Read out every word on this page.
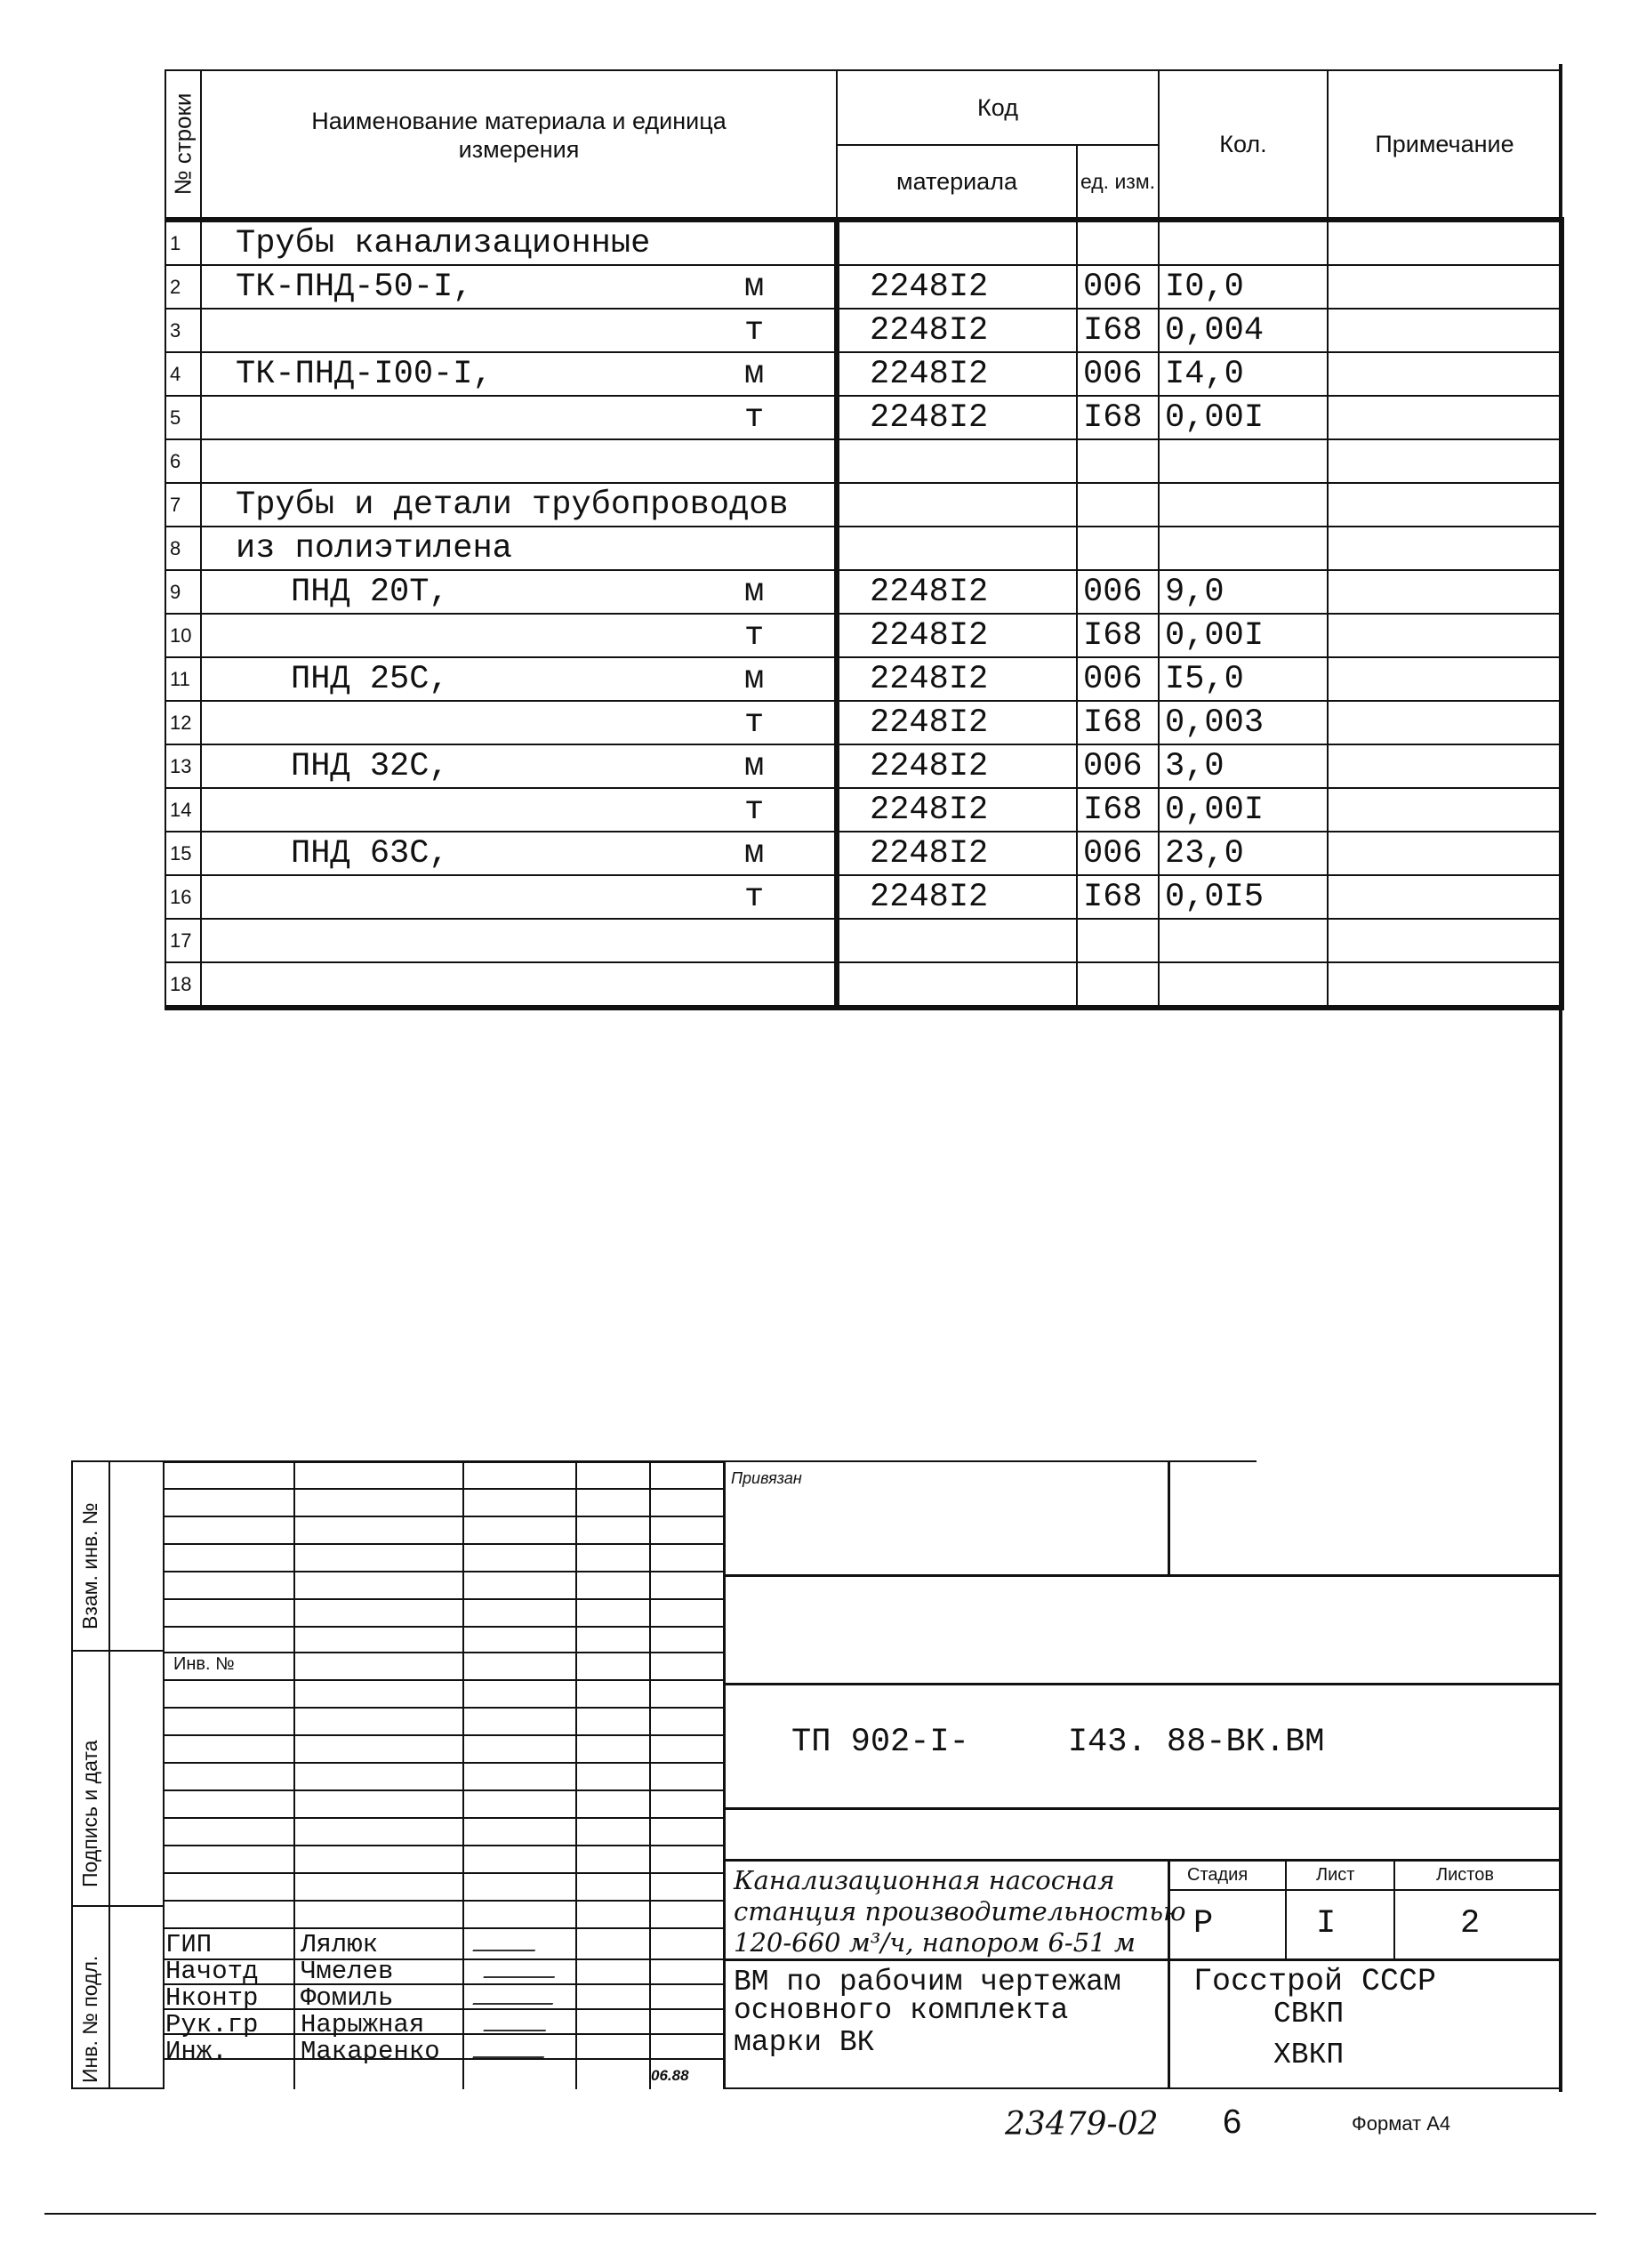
№ строки	Наименование материала и единица измерения	Код		Кол.	Примечание
		материала	ед. изм.		
1	Трубы канализационные

2	ТК-ПНД-50-I, м	2248I2	006	I0,0	
3	т	2248I2	I68	0,004	
4	ТК-ПНД-I00-I, м	2248I2	006	I4,0	
5	т	2248I2	I68	0,00I	
6	

7	Трубы и детали трубопроводов

8	из полиэтилена

9	ПНД 20Т, м	2248I2	006	9,0	
10	т	2248I2	I68	0,00I	
11	ПНД 25С, м	2248I2	006	I5,0	
12	т	2248I2	I68	0,003	
13	ПНД 32С, м	2248I2	006	3,0	
14	т	2248I2	I68	0,00I	
15	ПНД 63С, м	2248I2	006	23,0	
16	т	2248I2	I68	0,0I5	
17	

18	

Взам. инв. №
Подпись и дата
Инв. № подл.
Инв. №
ГИП	Лялюк
Начотд Чмелев
Нконтр Фомиль
Рук.гр Нарыжная
Инж.	Макаренко
06.88
Привязан
ТП 902-I-     I43. 88-ВК.ВМ
Канализационная насосная
станция производительностью
120-660 м³/ч, напором 6-51 м
Стадия	Лист	Листов
Р	I	2
ВМ по рабочим чертежам
основного комплекта
марки ВК
Госстрой СССР
СВКП
ХВКП
23479-02 6	Формат А4
